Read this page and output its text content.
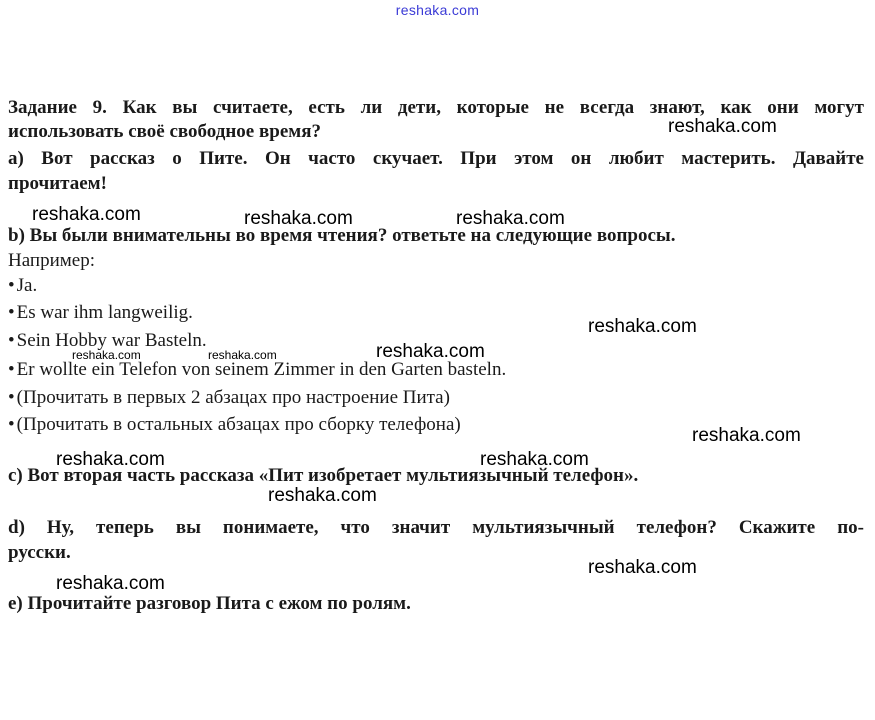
reshaka.com
Задание 9. Как вы считаете, есть ли дети, которые не всегда знают, как они могут
использовать своё свободное время?
a) Вот рассказ о Пите. Он часто скучает. При этом он любит мастерить. Давайте
прочитаем!
b) Вы были внимательны во время чтения? ответьте на следующие вопросы.
Например:
• Ja.
• Es war ihm langweilig.
• Sein Hobby war Basteln.
• Er wollte ein Telefon von seinem Zimmer in den Garten basteln.
• (Прочитать в первых 2 абзацах про настроение Пита)
• (Прочитать в остальных абзацах про сборку телефона)
c) Вот вторая часть рассказа «Пит изобретает мультиязычный телефон».
d) Ну, теперь вы понимаете, что значит мультиязычный телефон? Скажите по-
русски.
e) Прочитайте разговор Пита с ежом по ролям.
reshaka.com
reshaka.com	reshaka.com	reshaka.com
reshaka.com
reshaka.com	reshaka.com	reshaka.com
reshaka.com
reshaka.com	reshaka.com
reshaka.com
reshaka.com
reshaka.com
